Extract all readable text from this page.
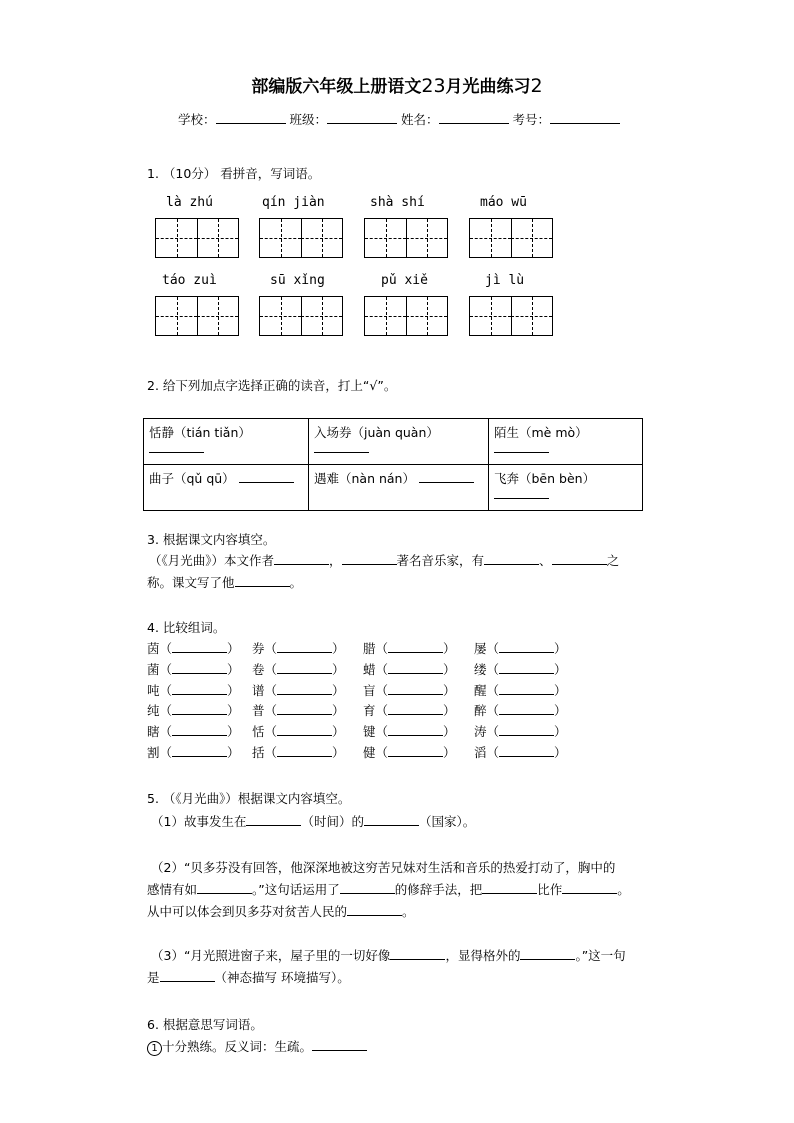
部编版六年级上册语文23月光曲练习2
学校：	班级：	姓名：	考号：
1. （10分） 看拼音，写词语。
là zhú	qín jiàn	shà shí	máo wū
táo zuì	sū xǐng	pǔ xiě	jì lù
2. 给下列加点字选择正确的读音，打上“√”。
恬静（tián tiǎn）	入场券（juàn quàn）	陌生（mè mò）

曲子（qǔ qū）	遇难（nàn nán）	飞奔（bēn bèn）

3. 根据课文内容填空。
（《月光曲》）本文作者	，	著名音乐家，有	、	之
称。课文写了他	。
4. 比较组词。
茵（	） 券（	） 腊（	） 屡（	）
菌（	） 卷（	） 蜡（	） 缕（	）
吨（	） 谱（	） 盲（	） 醒（	）
纯（	） 普（	） 育（	） 醉（	）
瞎（	） 恬（	） 键（	） 涛（	）
割（	） 括（	） 健（	） 滔（	）
5. （《月光曲》）根据课文内容填空。
（1）故事发生在	（时间）的	（国家）。
（2）“贝多芬没有回答，他深深地被这穷苦兄妹对生活和音乐的热爱打动了，胸中的
感情有如	。”这句话运用了	的修辞手法，把	比作	。
从中可以体会到贝多芬对贫苦人民的	。
（3）“月光照进窗子来，屋子里的一切好像	，显得格外的	。”这一句
是	（神态描写 环境描写）。
6. 根据意思写词语。
1 十分熟练。反义词：生疏。
